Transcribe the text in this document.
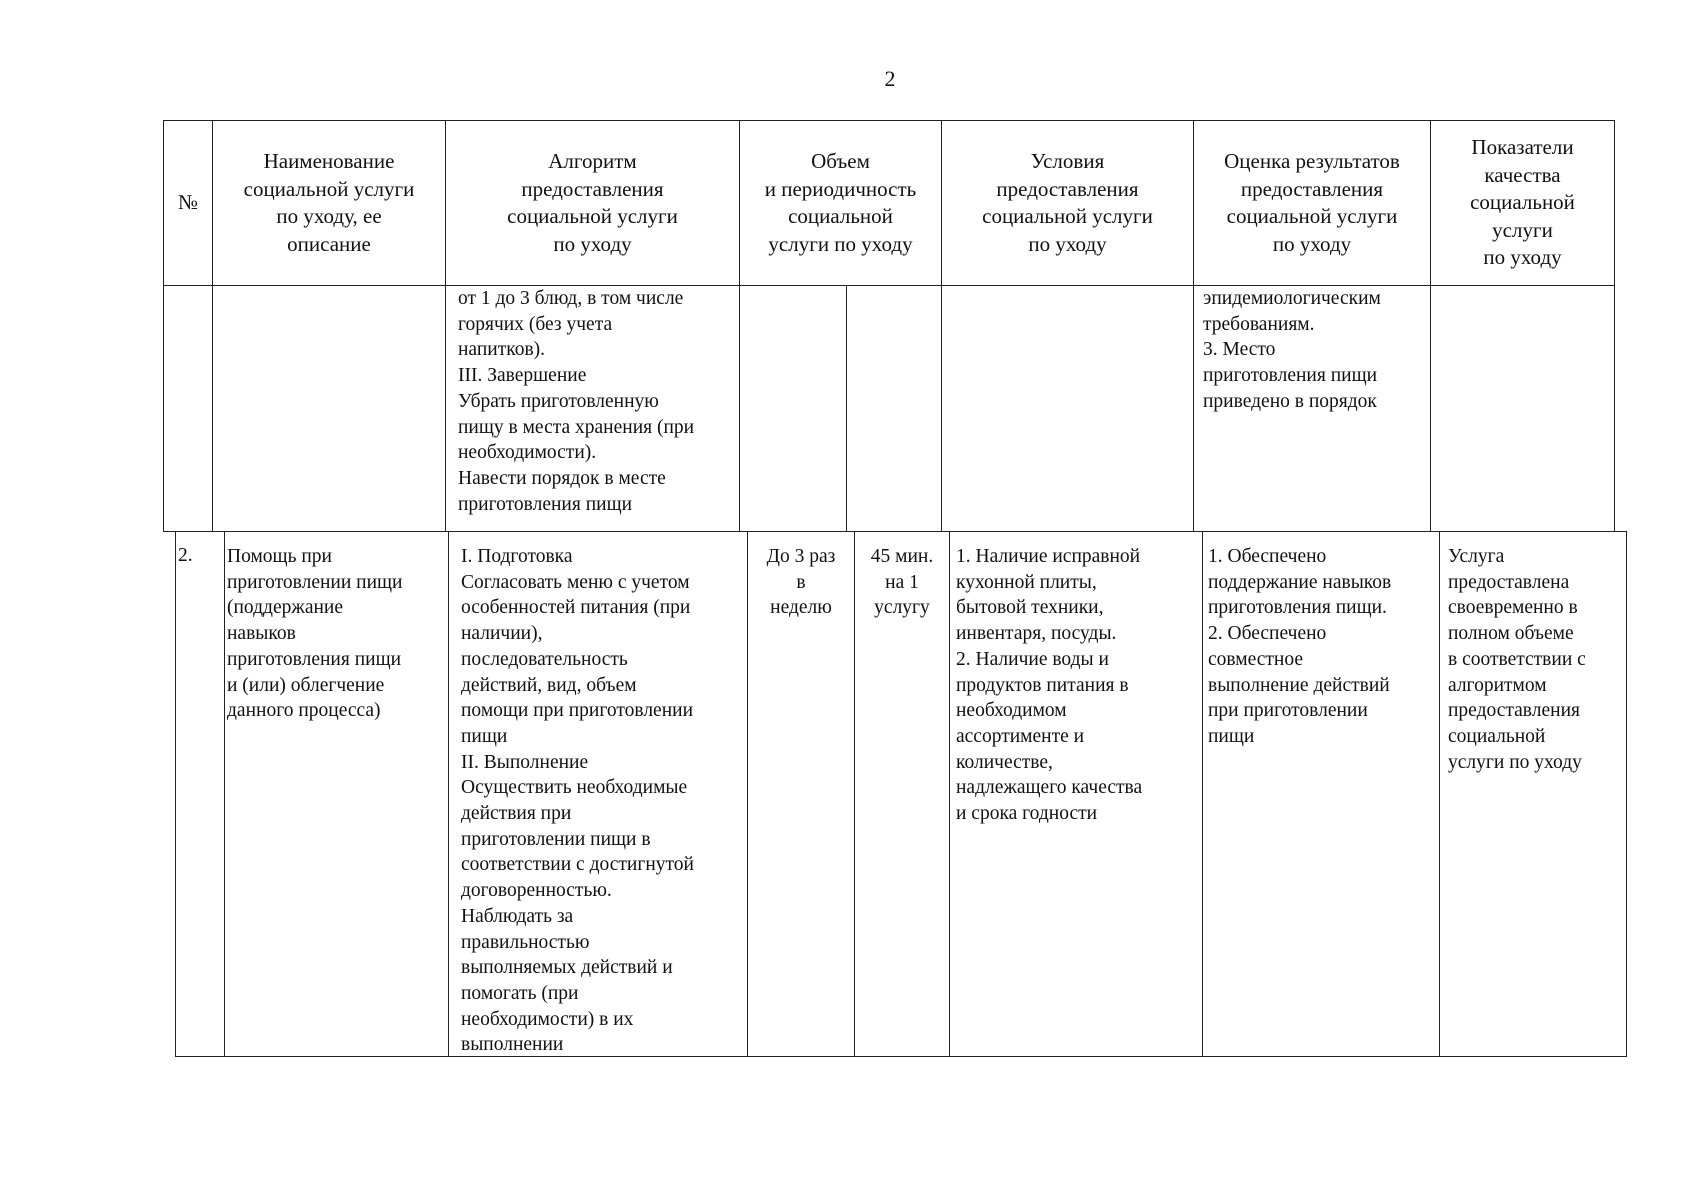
2
№
Наименование
социальной услуги
по уходу, ее
описание
Алгоритм
предоставления
социальной услуги
по уходу
Объем
и периодичность
социальной
услуги по уходу
Условия
предоставления
социальной услуги
по уходу
Оценка результатов
предоставления
социальной услуги
по уходу
Показатели
качества
социальной
услуги
по уходу
от 1 до 3 блюд, в том числе
горячих (без учета
напитков).
III. Завершение
Убрать приготовленную
пищу в места хранения (при
необходимости).
Навести порядок в месте
приготовления пищи
эпидемиологическим
требованиям.
3. Место
приготовления пищи
приведено в порядок
2.	Помощь при
приготовлении пищи
(поддержание
навыков
приготовления пищи
и (или) облегчение
данного процесса)
I. Подготовка
Согласовать меню с учетом
особенностей питания (при
наличии),
последовательность
действий, вид, объем
помощи при приготовлении
пищи
II. Выполнение
Осуществить необходимые
действия при
приготовлении пищи в
соответствии с достигнутой
договоренностью.
Наблюдать за
правильностью
выполняемых действий и
помогать (при
необходимости) в их
выполнении
До 3 раз
в
неделю
45 мин.
на 1
услугу
1. Наличие исправной
кухонной плиты,
бытовой техники,
инвентаря, посуды.
2. Наличие воды и
продуктов питания в
необходимом
ассортименте и
количестве,
надлежащего качества
и срока годности
1. Обеспечено
поддержание навыков
приготовления пищи.
2. Обеспечено
совместное
выполнение действий
при приготовлении
пищи
Услуга
предоставлена
своевременно в
полном объеме
в соответствии с
алгоритмом
предоставления
социальной
услуги по уходу
